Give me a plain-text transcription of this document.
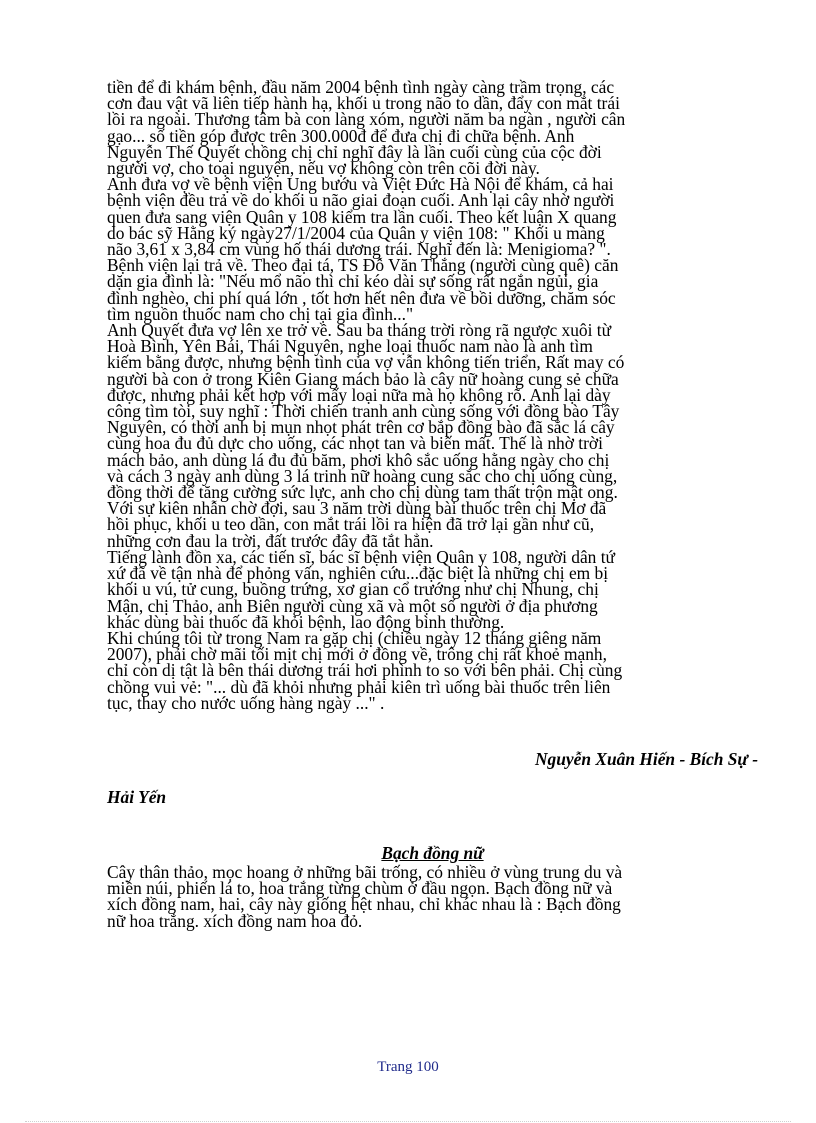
tiền để đi khám bệnh, đầu năm 2004 bệnh tình ngày càng trầm trọng, các
cơn đau vật vã liên tiếp hành hạ, khối u trong não to dần, đẩy con mắt trái
lồi ra ngoài. Thương tâm bà con làng xóm, người năm ba ngàn , người cân
gạo... số tiền góp được trên 300.000đ để đưa chị đi chữa bệnh. Anh
Nguyễn Thế Quyết chồng chị chỉ nghĩ đây là lần cuối cùng của cộc đời
người vợ, cho toại nguyện, nếu vợ không còn trên cõi đời này.

Anh đưa vợ về bệnh viện Ung bướu và Việt Đức Hà Nội để khám, cả hai
bệnh viện đều trả về do khối u não giai đoạn cuối. Anh lại cây nhờ người
quen đưa sang viện Quân y 108 kiểm tra lần cuối. Theo kết luận X quang
do bác sỹ Hằng ký ngày27/1/2004 của Quân y viện 108: " Khối u màng
não 3,61 x 3,84 cm vùng hố thái dương trái. Nghĩ đến là: Menigioma? ".
Bệnh viện lại trả về. Theo đại tá, TS Đỗ Văn Thắng (người cùng quê) căn
dặn gia đình là: "Nếu mổ não thì chỉ kéo dài sự sống rất ngắn ngủi, gia
đình nghèo, chi phí quá lớn , tốt hơn hết nên đưa về bồi dưỡng, chăm sóc
tìm nguồn thuốc nam cho chị tại gia đình..."

Anh Quyết đưa vợ lên xe trở về. Sau ba tháng trời ròng rã ngược xuôi từ
Hoà Bình, Yên Bái, Thái Nguyên, nghe loại thuốc nam nào là anh tìm
kiếm bằng được, nhưng bệnh tình của vợ vẫn không tiến triển, Rất may có
người bà con ở trong Kiên Giang mách bảo là cây nữ hoàng cung sẻ chữa
được, nhưng phải kết hợp với mấy loại nữa mà họ không rõ. Anh lại dày
công tìm tòi, suy nghĩ : Thời chiến tranh anh cùng sống với đồng bào Tây
Nguyên, có thời anh bị mụn nhọt phát trên cơ bắp đồng bào đã sắc lá cây
cùng hoa đu đủ dực cho uống, các nhọt tan và biến mất. Thế là nhờ trời
mách bảo, anh dùng lá đu đủ băm, phơi khô sắc uống hằng ngày cho chị
và cách 3 ngày anh dùng 3 lá trinh nữ hoàng cung sắc cho chị uống cùng,
đồng thời để tăng cường sức lực, anh cho chị dùng tam thất trộn mật ong.

Với sự kiên nhẫn chờ đợi, sau 3 năm trời dùng bài thuốc trên chị Mơ đã
hồi phục, khối u teo dần, con mắt trái lồi ra hiện đã trở lại gần như cũ,
những cơn đau la trời, đất trước đây đã tắt hẳn.

Tiếng lành đồn xa, các tiến sĩ, bác sĩ bệnh viện Quân y 108, người dân tứ
xứ đã về tận nhà để phỏng vấn, nghiên cứu...đặc biệt là những chị em bị
khối u vú, tử cung, buồng trứng, xơ gian cổ trướng như chị Nhung, chị
Mận, chị Thảo, anh Biên người cùng xã và một số người ở địa phương
khác dùng bài thuốc đã khỏi bệnh, lao động bình thường.

Khi chúng tôi từ trong Nam ra gặp chị (chiều ngày 12 tháng giêng năm
2007), phải chờ mãi tối mịt chị mới ở đồng về, trông chị rất khoẻ mạnh,
chỉ còn dị tật là bên thái dương trái hơi phình to so với bên phải. Chị cùng
chồng vui vẻ: "... dù đã khỏi nhưng phải kiên trì uống bài thuốc trên liên
tục, thay cho nước uống hàng ngày ..." .

Nguyễn Xuân Hiến - Bích Sự -

Hải Yến

Bạch đồng nữ

Cây thân thảo, mọc hoang ở những bãi trống, có nhiều ở vùng trung du và
miền núi, phiến lá to, hoa trắng từng chùm ở đầu ngọn. Bạch đồng nữ và
xích đồng nam, hai, cây này giống hệt nhau, chỉ khác nhau là : Bạch đồng
nữ hoa trắng. xích đồng nam hoa đỏ.

Trang 100
